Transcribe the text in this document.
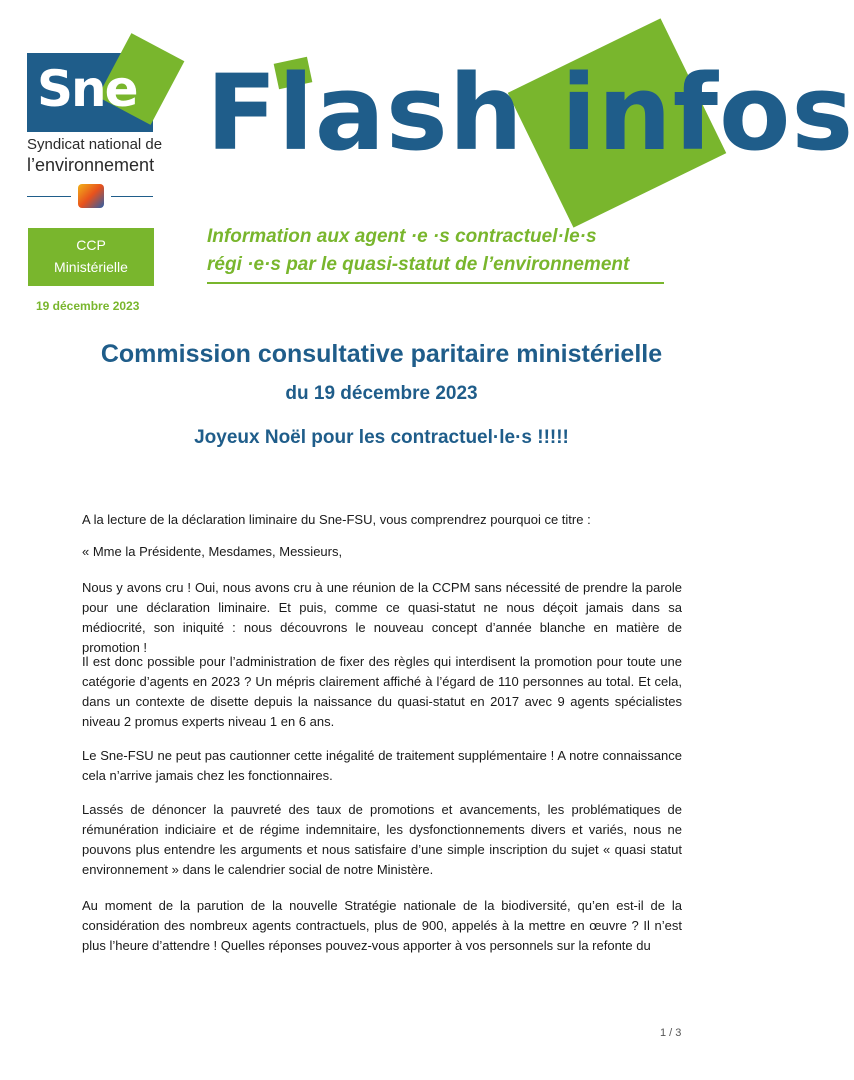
Sne
Syndicat national de
l’environnement Flash infos
CCP
Ministérielle
19 décembre 2023
Information aux agent ·e ·s contractuel·le·s
régi ·e·s par le quasi-statut de l’environnement
Commission consultative paritaire ministérielle
du 19 décembre 2023
Joyeux Noël pour les contractuel·le·s !!!!!
A la lecture de la déclaration liminaire du Sne-FSU, vous comprendrez pourquoi ce titre :
« Mme la Présidente, Mesdames, Messieurs,
Nous y avons cru ! Oui, nous avons cru à une réunion de la CCPM sans nécessité de prendre la parole pour une déclaration liminaire. Et puis, comme ce quasi-statut ne nous déçoit jamais dans sa médiocrité, son iniquité : nous découvrons le nouveau concept d’année blanche en matière de promotion !
Il est donc possible pour l’administration de fixer des règles qui interdisent la promotion pour toute une catégorie d’agents en 2023 ? Un mépris clairement affiché à l’égard de 110 personnes au total. Et cela, dans un contexte de disette depuis la naissance du quasi-statut en 2017 avec 9 agents spécialistes niveau 2 promus experts niveau 1 en 6 ans.
Le Sne-FSU ne peut pas cautionner cette inégalité de traitement supplémentaire ! A notre connaissance cela n’arrive jamais chez les fonctionnaires.
Lassés de dénoncer la pauvreté des taux de promotions et avancements, les problématiques de rémunération indiciaire et de régime indemnitaire, les dysfonctionnements divers et variés, nous ne pouvons plus entendre les arguments et nous satisfaire d’une simple inscription du sujet « quasi statut environnement » dans le calendrier social de notre Ministère.
Au moment de la parution de la nouvelle Stratégie nationale de la biodiversité, qu’en est-il de la considération des nombreux agents contractuels, plus de 900, appelés à la mettre en œuvre ? Il n’est plus l’heure d’attendre ! Quelles réponses pouvez-vous apporter à vos personnels sur la refonte du
1 / 3
